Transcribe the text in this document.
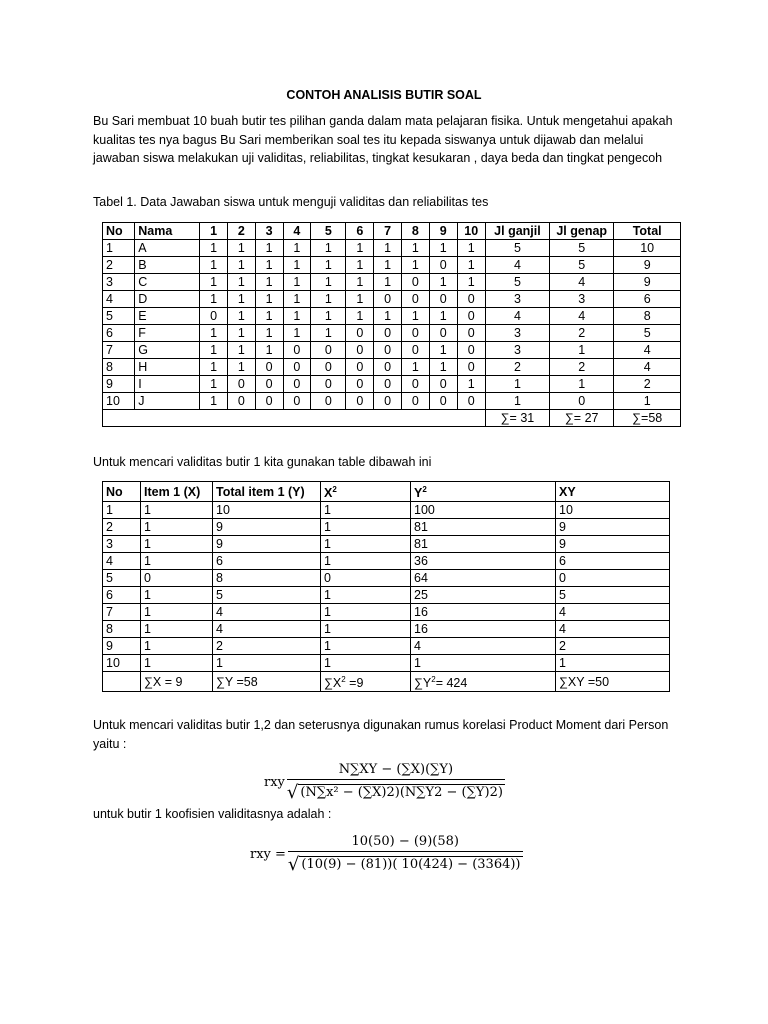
CONTOH ANALISIS BUTIR SOAL

Bu Sari membuat 10 buah butir tes pilihan ganda dalam mata pelajaran fisika. Untuk mengetahui apakah kualitas tes nya bagus Bu Sari memberikan soal tes itu kepada siswanya untuk dijawab dan melalui jawaban siswa melakukan uji validitas, reliabilitas, tingkat kesukaran , daya beda dan tingkat pengecoh

Tabel 1. Data Jawaban siswa untuk menguji validitas dan reliabilitas tes
No	Nama	1	2	3	4	5	6	7	8	9	10	Jl ganjil	Jl genap	Total
1	A	1	1	1	1	1	1	1	1	1	1	5	5	10
2	B	1	1	1	1	1	1	1	1	0	1	4	5	9
3	C	1	1	1	1	1	1	1	0	1	1	5	4	9
4	D	1	1	1	1	1	1	0	0	0	0	3	3	6
5	E	0	1	1	1	1	1	1	1	1	0	4	4	8
6	F	1	1	1	1	1	0	0	0	0	0	3	2	5
7	G	1	1	1	0	0	0	0	0	1	0	3	1	4
8	H	1	1	0	0	0	0	0	1	1	0	2	2	4
9	I	1	0	0	0	0	0	0	0	0	1	1	1	2
10	J	1	0	0	0	0	0	0	0	0	0	1	0	1
												∑= 31	∑= 27	∑=58
Untuk mencari validitas butir 1 kita gunakan table dibawah ini
No	Item 1 (X)	Total item 1 (Y)	$X^2$	$Y^2$	XY
1	1	10	1	100	10
2	1	9	1	81	9
3	1	9	1	81	9
4	1	6	1	36	6
5	0	8	0	64	0
6	1	5	1	25	5
7	1	4	1	16	4
8	1	4	1	16	4
9	1	2	1	4	2
10	1	1	1	1	1
	∑X = 9	∑Y =58	$\sum X^2 =9$	$\sum Y^2= 424$	∑XY =50
Untuk mencari validitas butir 1,2 dan seterusnya digunakan rumus korelasi Product Moment dari Person yaitu :
rxy $\frac{N\sum XY - (\sum X)(\sum Y)}{\text{√ (N∑x² − (∑X)2)(N∑Y2 − (∑Y)2)}}$
untuk butir 1 koofisien validitasnya adalah :
rxy = $\frac{10(50) - (9)(58)}{√ (10(9) - (81))( 10(424) - (3364))}$
